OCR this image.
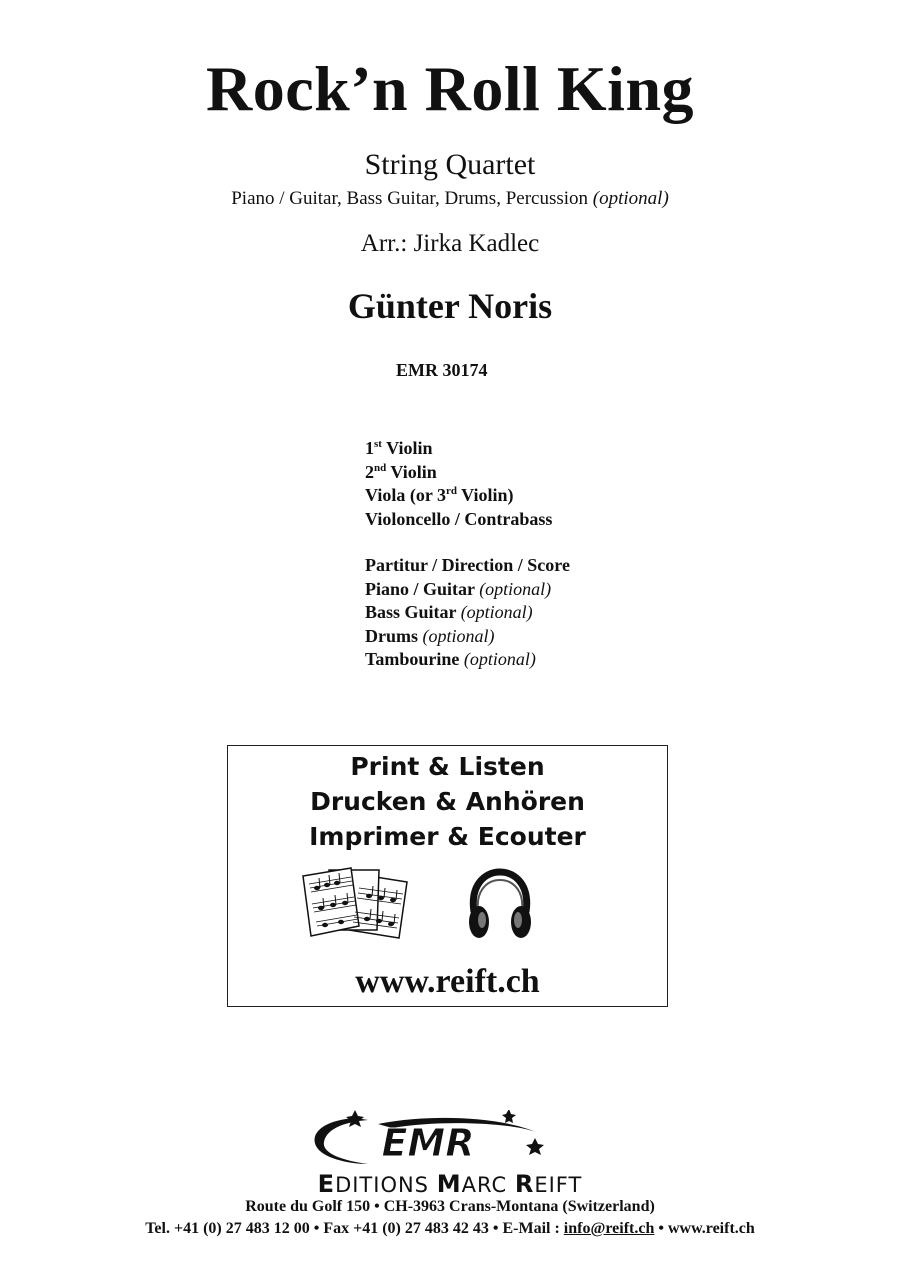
Rock’n Roll King
String Quartet
Piano / Guitar, Bass Guitar, Drums, Percussion (optional)
Arr.: Jirka Kadlec
Günter Noris
EMR 30174
1st Violin
2nd Violin
Viola (or 3rd Violin)
Violoncello / Contrabass
Partitur / Direction / Score
Piano / Guitar (optional)
Bass Guitar (optional)
Drums (optional)
Tambourine (optional)
Print & Listen
Drucken & Anhören
Imprimer & Ecouter
www.reift.ch
EMR
EDITIONS MARC REIFT
Route du Golf 150 • CH-3963 Crans-Montana (Switzerland)
Tel. +41 (0) 27 483 12 00 • Fax +41 (0) 27 483 42 43 • E-Mail : info@reift.ch • www.reift.ch
